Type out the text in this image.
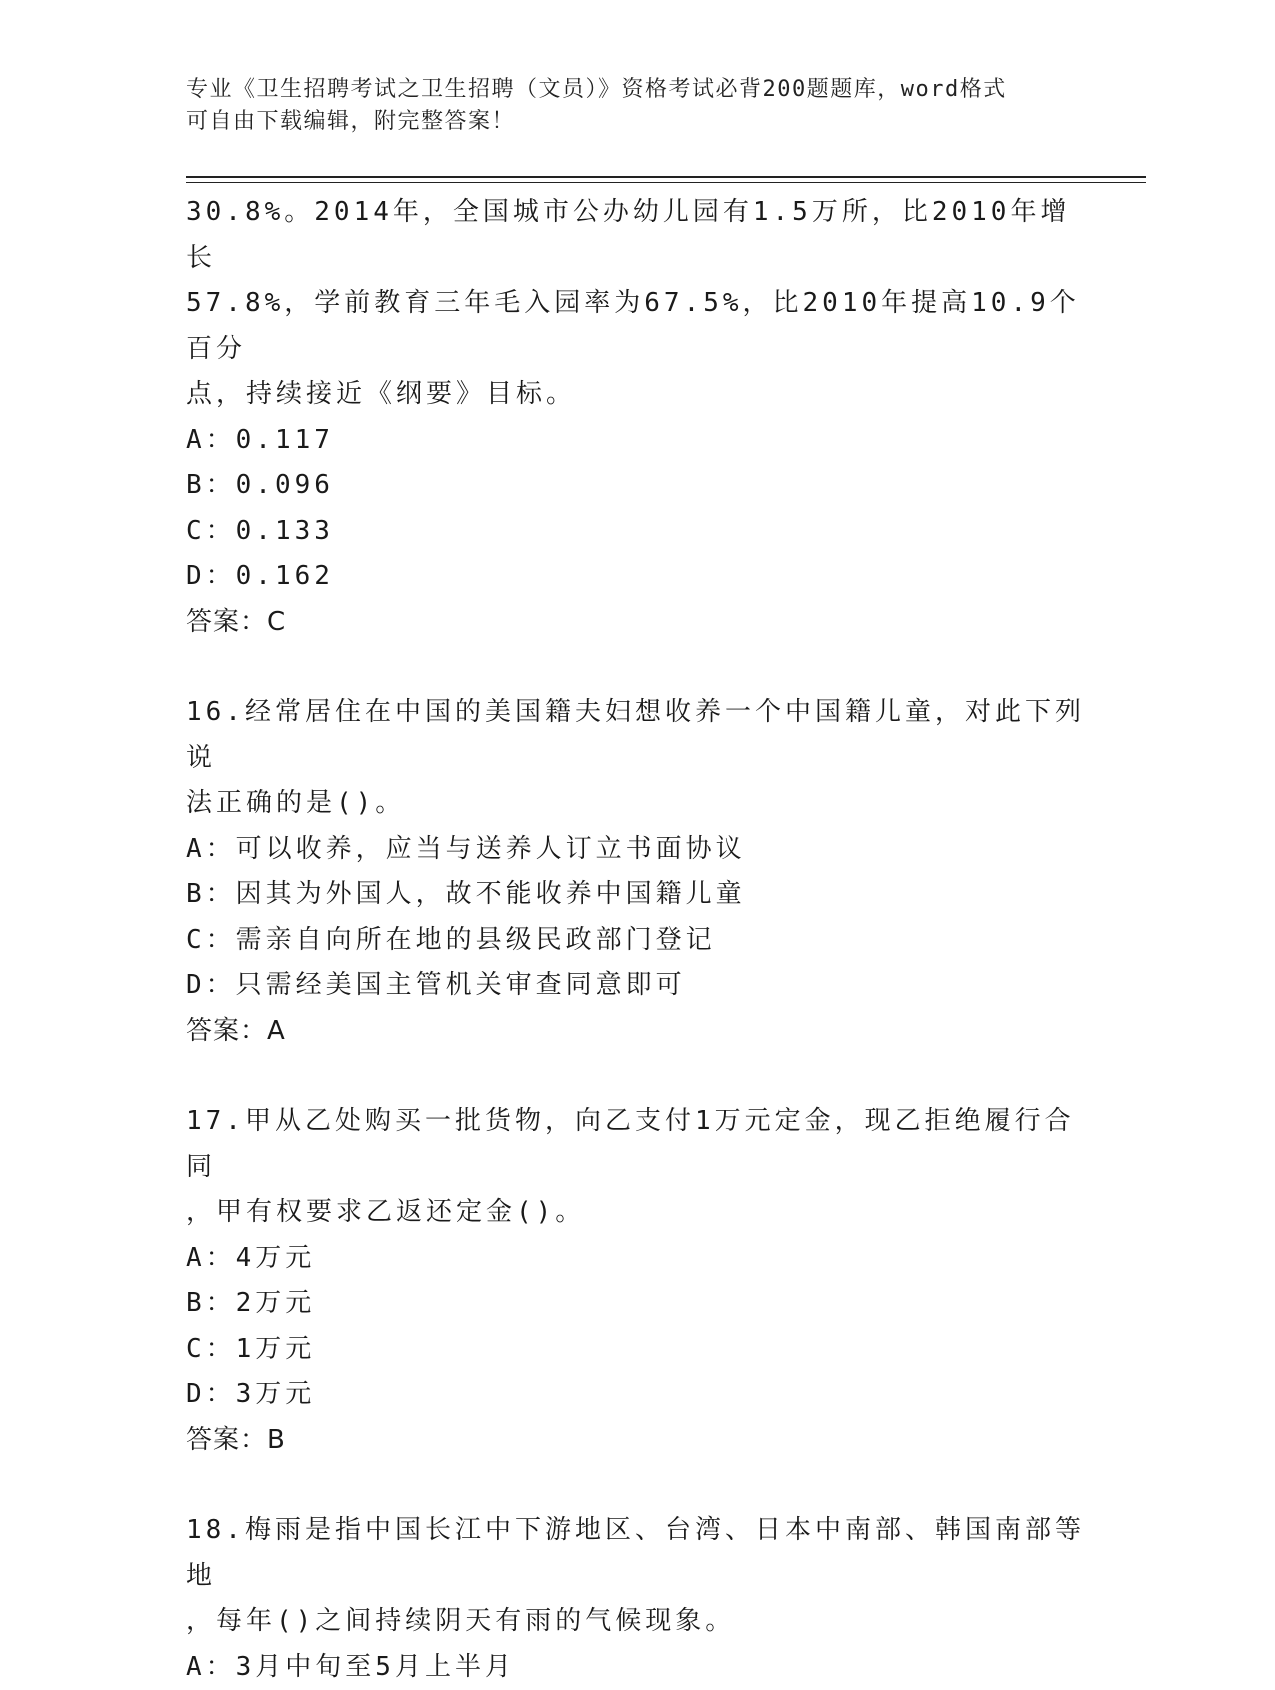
专业《卫生招聘考试之卫生招聘（文员）》资格考试必背200题题库，word格式
可自由下载编辑，附完整答案！

30.8%。2014年，全国城市公办幼儿园有1.5万所，比2010年增长

57.8%，学前教育三年毛入园率为67.5%，比2010年提高10.9个百分

点，持续接近《纲要》目标。

A：0.117

B：0.096

C：0.133

D：0.162

答案：C

16.经常居住在中国的美国籍夫妇想收养一个中国籍儿童，对此下列说

法正确的是()。

A：可以收养，应当与送养人订立书面协议

B：因其为外国人，故不能收养中国籍儿童

C：需亲自向所在地的县级民政部门登记

D：只需经美国主管机关审查同意即可

答案：A

17.甲从乙处购买一批货物，向乙支付1万元定金，现乙拒绝履行合同

，甲有权要求乙返还定金()。

A：4万元

B：2万元

C：1万元

D：3万元

答案：B

18.梅雨是指中国长江中下游地区、台湾、日本中南部、韩国南部等地

，每年()之间持续阴天有雨的气候现象。

A：3月中旬至5月上半月
